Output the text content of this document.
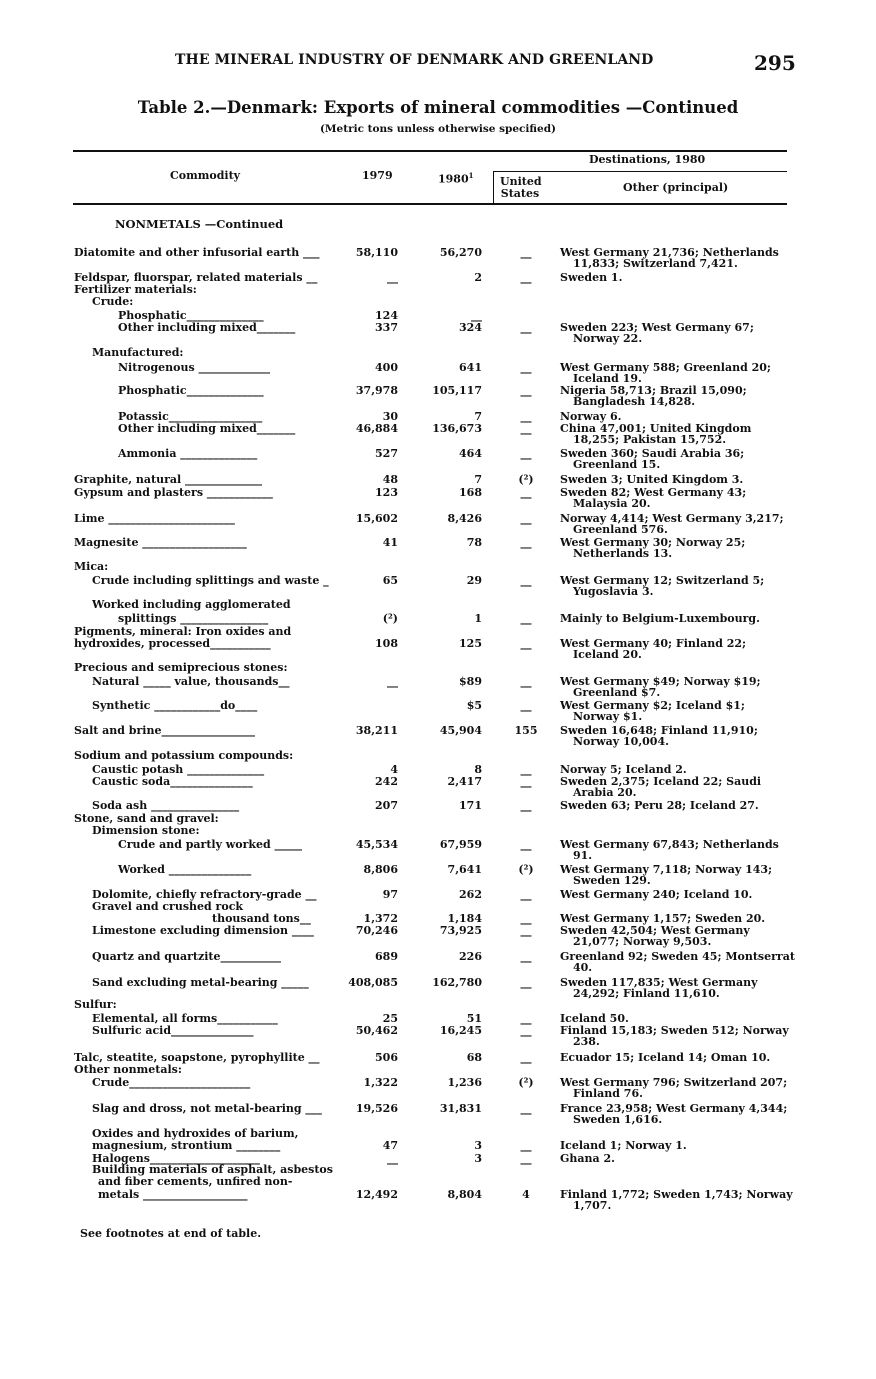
THE MINERAL INDUSTRY OF DENMARK AND GREENLAND	295
Table 2.—Denmark: Exports of mineral commodities —Continued
(Metric tons unless otherwise specified)
Commodity	1979	1980$^1$
Destinations, 1980
United
States	Other (principal)
NONMETALS —Continued
Diatomite and other infusorial earth ___	58,110	56,270	__	West Germany 21,736; Netherlands
11,833; Switzerland 7,421.
Feldspar, fluorspar, related materials __	__	2	__	Sweden 1.
Fertilizer materials:
Crude:
Phosphatic______________	124	__
Other including mixed_______	337	324	__	Sweden 223; West Germany 67;
Norway 22.
Manufactured:
Nitrogenous _____________	400	641	__	West Germany 588; Greenland 20;
Iceland 19.
Phosphatic______________	37,978	105,117	__	Nigeria 58,713; Brazil 15,090;
Bangladesh 14,828.
Potassic_________________	30	7	__	Norway 6.
Other including mixed_______	46,884	136,673	__	China 47,001; United Kingdom
18,255; Pakistan 15,752.
Ammonia ______________	527	464	__	Sweden 360; Saudi Arabia 36;
Greenland 15.
Graphite, natural ______________	48	7	(²)	Sweden 3; United Kingdom 3.
Gypsum and plasters ____________	123	168	__	Sweden 82; West Germany 43;
Malaysia 20.
Lime _______________________	15,602	8,426	__	Norway 4,414; West Germany 3,217;
Greenland 576.
Magnesite ___________________	41	78	__	West Germany 30; Norway 25;
Netherlands 13.
Mica:
Crude including splittings and waste _	65	29	__	West Germany 12; Switzerland 5;
Yugoslavia 3.
Worked including agglomerated
splittings ________________	(²)	1	__	Mainly to Belgium-Luxembourg.
Pigments, mineral: Iron oxides and
hydroxides, processed___________	108	125	__	West Germany 40; Finland 22;
Iceland 20.
Precious and semiprecious stones:
Natural _____ value, thousands__	__	$89	__	West Germany $49; Norway $19;
Greenland $7.
Synthetic ____________do____	$5	__	West Germany $2; Iceland $1;
Norway $1.
Salt and brine_________________	38,211	45,904	155	Sweden 16,648; Finland 11,910;
Norway 10,004.
Sodium and potassium compounds:
Caustic potash ______________	4	8	__	Norway 5; Iceland 2.
Caustic soda_______________	242	2,417	__	Sweden 2,375; Iceland 22; Saudi
Arabia 20.
Soda ash ________________	207	171	__	Sweden 63; Peru 28; Iceland 27.
Stone, sand and gravel:
Dimension stone:
Crude and partly worked _____	45,534	67,959	__	West Germany 67,843; Netherlands
91.
Worked _______________	8,806	7,641	(²)	West Germany 7,118; Norway 143;
Sweden 129.
Dolomite, chiefly refractory-grade __	97	262	__	West Germany 240; Iceland 10.
Gravel and crushed rock
thousand tons__	1,372	1,184	__	West Germany 1,157; Sweden 20.
Limestone excluding dimension ____	70,246	73,925	__	Sweden 42,504; West Germany
21,077; Norway 9,503.
Quartz and quartzite___________	689	226	__	Greenland 92; Sweden 45; Montserrat
40.
Sand excluding metal-bearing _____	408,085	162,780	__	Sweden 117,835; West Germany
24,292; Finland 11,610.
Sulfur:
Elemental, all forms___________	25	51	__	Iceland 50.
Sulfuric acid_______________	50,462	16,245	__	Finland 15,183; Sweden 512; Norway
238.
Talc, steatite, soapstone, pyrophyllite __	506	68	__	Ecuador 15; Iceland 14; Oman 10.
Other nonmetals:
Crude______________________	1,322	1,236	(²)	West Germany 796; Switzerland 207;
Finland 76.
Slag and dross, not metal-bearing ___	19,526	31,831	__	France 23,958; West Germany 4,344;
Sweden 1,616.
Oxides and hydroxides of barium,
magnesium, strontium ________	47	3	__	Iceland 1; Norway 1.
Halogens____________________	__	3	__	Ghana 2.
Building materials of asphalt, asbestos
and fiber cements, unfired non-
metals ___________________	12,492	8,804	4	Finland 1,772; Sweden 1,743; Norway
1,707.
See footnotes at end of table.
